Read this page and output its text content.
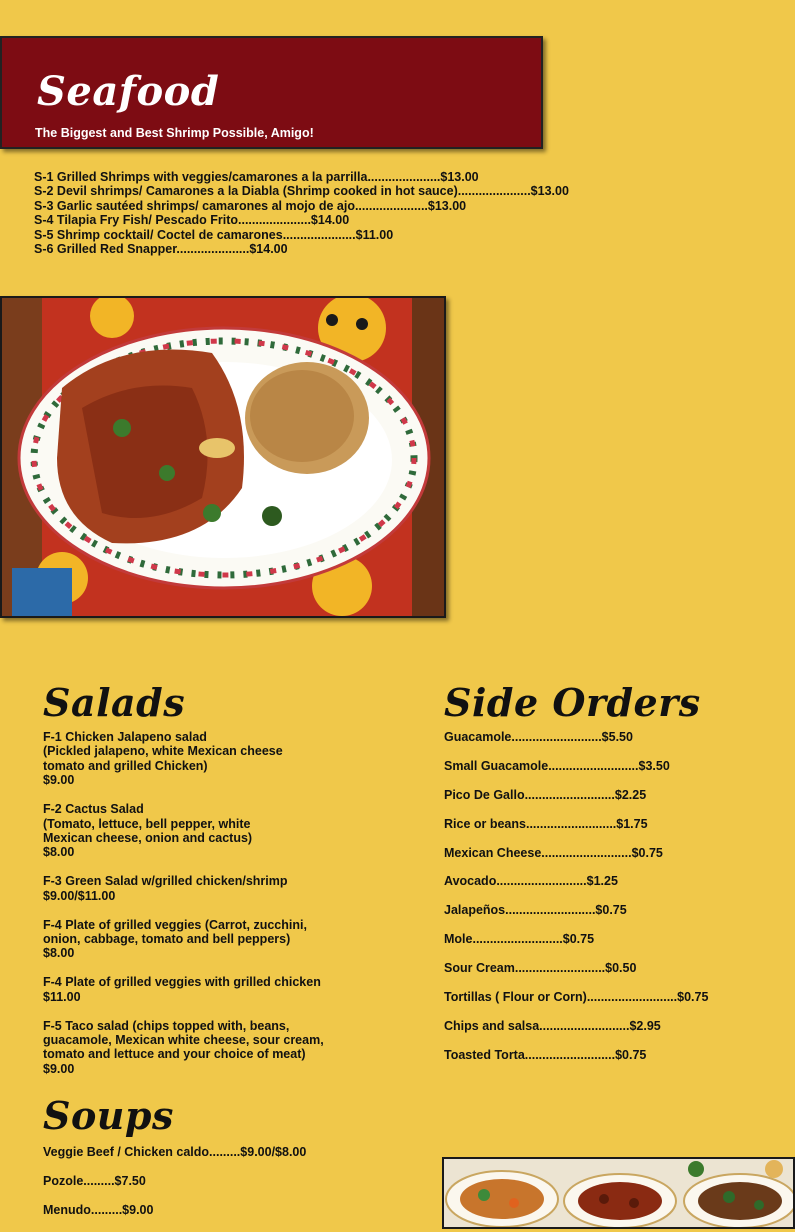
Seafood
The Biggest and Best Shrimp Possible, Amigo!
S-1 Grilled Shrimps with veggies/camarones a la parrilla.....................$13.00
S-2 Devil shrimps/ Camarones a la Diabla (Shrimp cooked in hot sauce).....................$13.00
S-3 Garlic sautéed shrimps/ camarones al mojo de ajo.....................$13.00
S-4 Tilapia Fry Fish/ Pescado Frito.....................$14.00
S-5 Shrimp cocktail/ Coctel de camarones.....................$11.00
S-6 Grilled Red Snapper.....................$14.00
Salads
F-1 Chicken Jalapeno salad
(Pickled jalapeno, white Mexican cheese
tomato and grilled Chicken)
$9.00
F-2 Cactus Salad
(Tomato, lettuce, bell pepper, white
Mexican cheese, onion and cactus)
$8.00
F-3 Green Salad w/grilled chicken/shrimp
$9.00/$11.00
F-4 Plate of grilled veggies (Carrot, zucchini,
onion, cabbage, tomato and bell peppers)
$8.00
F-4 Plate of grilled veggies with grilled chicken
$11.00
F-5 Taco salad (chips topped with, beans,
guacamole, Mexican white cheese, sour cream,
tomato and lettuce and your choice of meat)
$9.00
Side Orders
Guacamole..........................$5.50
Small Guacamole..........................$3.50
Pico De Gallo..........................$2.25
Rice or beans..........................$1.75
Mexican Cheese..........................$0.75
Avocado..........................$1.25
Jalapeños..........................$0.75
Mole..........................$0.75
Sour Cream..........................$0.50
Tortillas ( Flour or Corn)..........................$0.75
Chips and salsa..........................$2.95
Toasted Torta..........................$0.75
Soups
Veggie Beef / Chicken caldo.........$9.00/$8.00
Pozole.........$7.50
Menudo.........$9.00
